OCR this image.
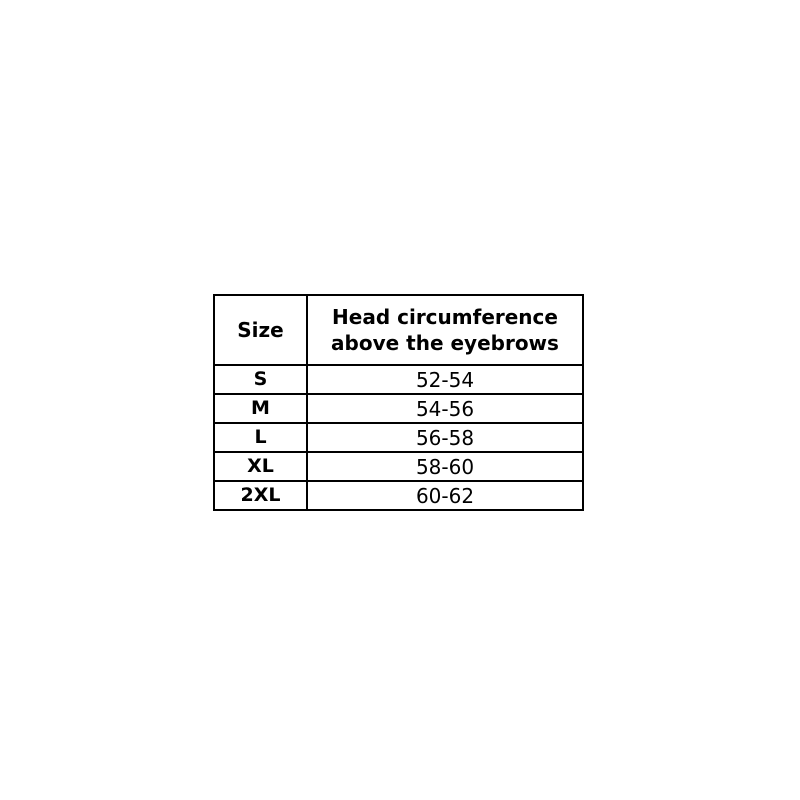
Size	Head circumference
above the eyebrows

S	52-54
M	54-56
L	56-58
XL	58-60
2XL	60-62
